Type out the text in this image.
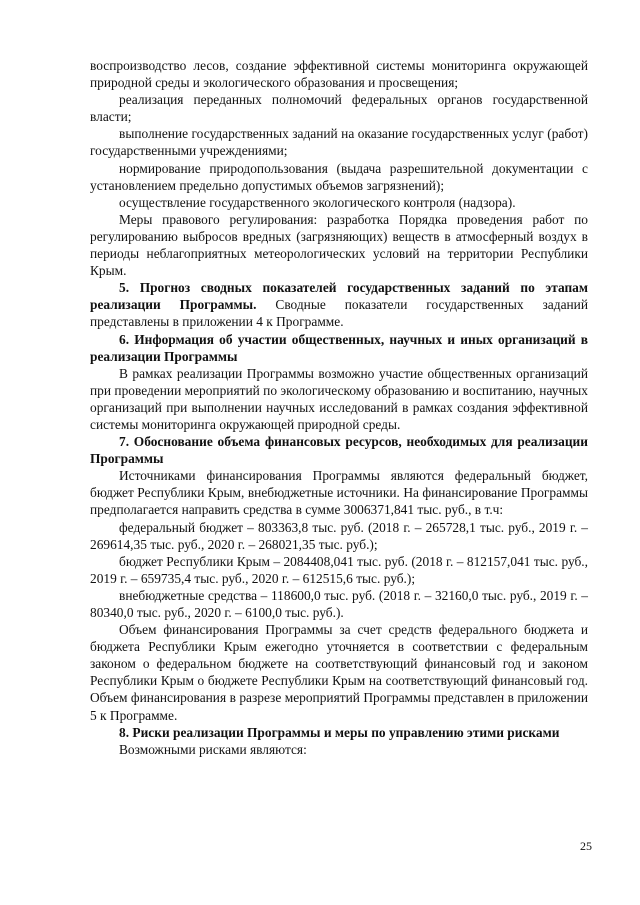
воспроизводство лесов, создание эффективной системы мониторинга окружающей природной среды и экологического образования и просвещения;

реализация переданных полномочий федеральных органов государственной власти;

выполнение государственных заданий на оказание государственных услуг (работ) государственными учреждениями;

нормирование природопользования (выдача разрешительной документации с установлением предельно допустимых объемов загрязнений);

осуществление государственного экологического контроля (надзора).

Меры правового регулирования: разработка Порядка проведения работ по регулированию выбросов вредных (загрязняющих) веществ в атмосферный воздух в периоды неблагоприятных метеорологических условий на территории Республики Крым.

5. Прогноз сводных показателей государственных заданий по этапам реализации Программы. Сводные показатели государственных заданий представлены в приложении 4 к Программе.

6. Информация об участии общественных, научных и иных организаций в реализации Программы

В рамках реализации Программы возможно участие общественных организаций при проведении мероприятий по экологическому образованию и воспитанию, научных организаций при выполнении научных исследований в рамках создания эффективной системы мониторинга окружающей природной среды.

7. Обоснование объема финансовых ресурсов, необходимых для реализации Программы

Источниками финансирования Программы являются федеральный бюджет, бюджет Республики Крым, внебюджетные источники. На финансирование Программы предполагается направить средства в сумме 3006371,841 тыс. руб., в т.ч:

федеральный бюджет – 803363,8 тыс. руб. (2018 г. – 265728,1 тыс. руб., 2019 г. – 269614,35 тыс. руб., 2020 г. – 268021,35 тыс. руб.);

бюджет Республики Крым – 2084408,041 тыс. руб. (2018 г. – 812157,041 тыс. руб., 2019 г. – 659735,4 тыс. руб., 2020 г. – 612515,6 тыс. руб.);

внебюджетные средства – 118600,0 тыс. руб. (2018 г. – 32160,0 тыс. руб., 2019 г. – 80340,0 тыс. руб., 2020 г. – 6100,0 тыс. руб.).

Объем финансирования Программы за счет средств федерального бюджета и бюджета Республики Крым ежегодно уточняется в соответствии с федеральным законом о федеральном бюджете на соответствующий финансовый год и законом Республики Крым о бюджете Республики Крым на соответствующий финансовый год. Объем финансирования в разрезе мероприятий Программы представлен в приложении 5 к Программе.

8. Риски реализации Программы и меры по управлению этими рисками

Возможными рисками являются:

25
